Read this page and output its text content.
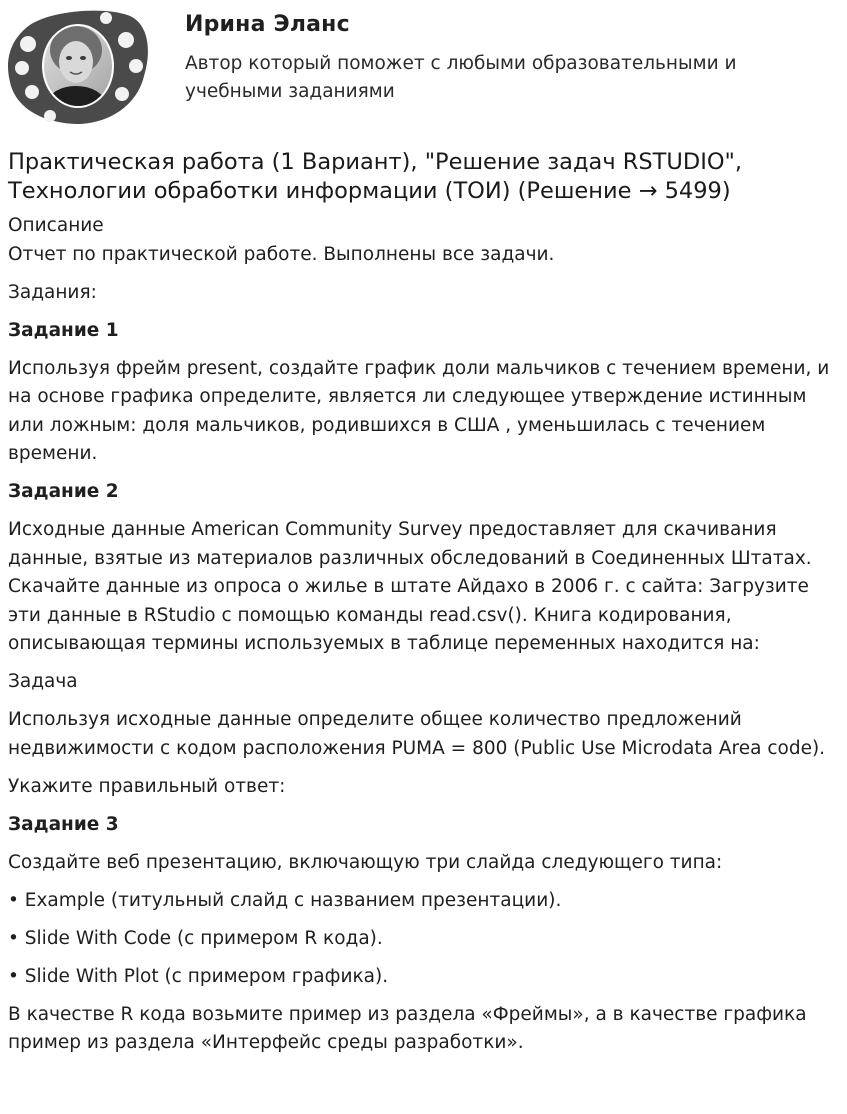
Ирина Эланс
Автор который поможет с любыми образовательными и учебными заданиями
Практическая работа (1 Вариант), "Решение задач RSTUDIO", Технологии обработки информации (ТОИ) (Решение → 5499)

Описание

Отчет по практической работе. Выполнены все задачи.

Задания:

Задание 1

Используя фрейм present, создайте график доли мальчиков с течением времени, и на основе графика определите, является ли следующее утверждение истинным или ложным: доля мальчиков, родившихся в США , уменьшилась с течением времени.

Задание 2

Исходные данные American Community Survey предоставляет для скачивания данные, взятые из материалов различных обследований в Соединенных Штатах. Скачайте данные из опроса о жилье в штате Айдахо в 2006 г. с сайта: Загрузите эти данные в RStudio с помощью команды read.csv(). Книга кодирования, описывающая термины используемых в таблице переменных находится на:

Задача

Используя исходные данные определите общее количество предложений недвижимости с кодом расположения PUMA = 800 (Public Use Microdata Area code).

Укажите правильный ответ:

Задание 3

Создайте веб презентацию, включающую три слайда следующего типа:

• Example (титульный слайд с названием презентации).

• Slide With Code (с примером R кода).

• Slide With Plot (с примером графика).

В качестве R кода возьмите пример из раздела «Фреймы», а в качестве графика пример из раздела «Интерфейс среды разработки».
